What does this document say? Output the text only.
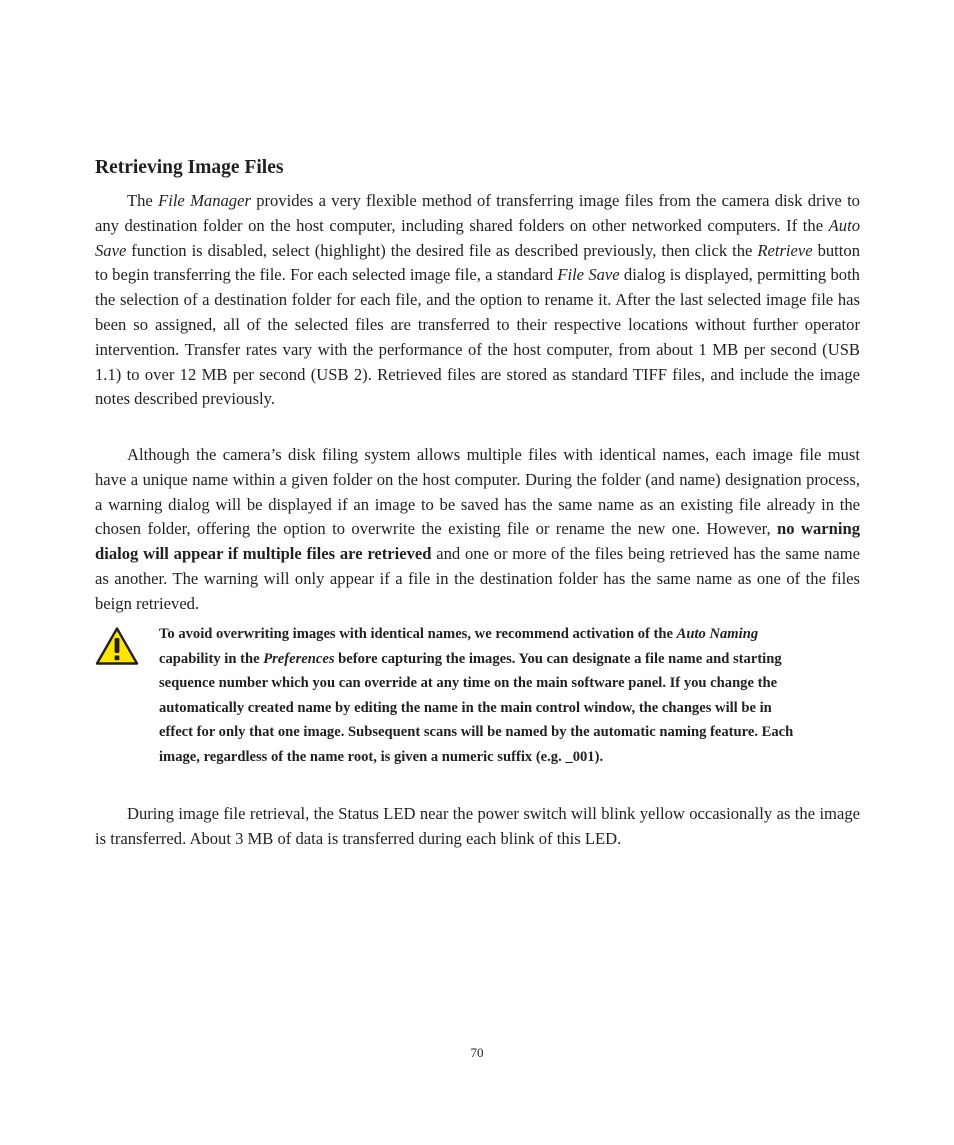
Retrieving Image Files

The File Manager provides a very flexible method of transferring image files from the camera disk drive to any destination folder on the host computer, including shared folders on other networked computers. If the Auto Save function is disabled, select (highlight) the desired file as described previously, then click the Retrieve button to begin transferring the file. For each selected image file, a standard File Save dialog is displayed, permitting both the selection of a destination folder for each file, and the option to rename it. After the last selected image file has been so assigned, all of the selected files are transferred to their respective locations without further operator intervention. Transfer rates vary with the performance of the host computer, from about 1 MB per second (USB 1.1) to over 12 MB per second (USB 2). Retrieved files are stored as standard TIFF files, and include the image notes described previously.

Although the camera’s disk filing system allows multiple files with identical names, each image file must have a unique name within a given folder on the host computer. During the folder (and name) designation process, a warning dialog will be displayed if an image to be saved has the same name as an existing file already in the chosen folder, offering the option to overwrite the existing file or rename the new one. However, no warning dialog will appear if multiple files are retrieved and one or more of the files being retrieved has the same name as another. The warning will only appear if a file in the destination folder has the same name as one of the files beign retrieved.

To avoid overwriting images with identical names, we recommend activation of the Auto Naming capability in the Preferences before capturing the images. You can designate a file name and starting sequence number which you can override at any time on the main software panel. If you change the automatically created name by editing the name in the main control window, the changes will be in effect for only that one image. Subsequent scans will be named by the automatic naming feature. Each image, regardless of the name root, is given a numeric suffix (e.g. _001).

During image file retrieval, the Status LED near the power switch will blink yellow occasionally as the image is transferred. About 3 MB of data is transferred during each blink of this LED.

70
